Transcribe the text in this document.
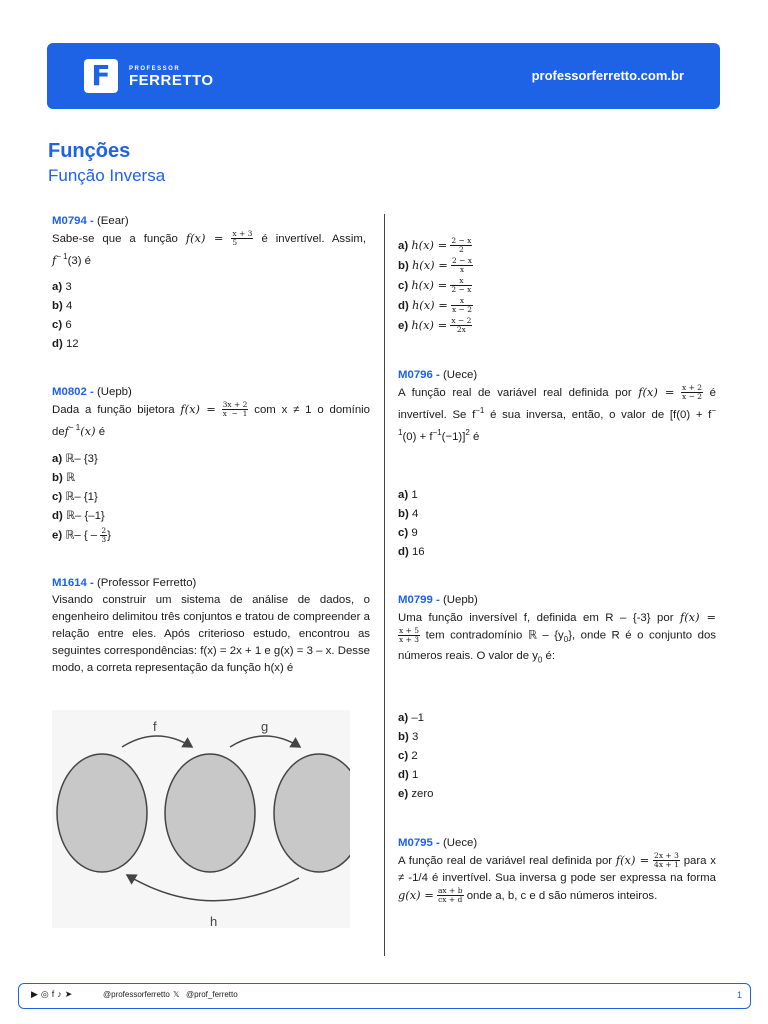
F	PROFESSOR
FERRETTO	professorferretto.com.br
Funções
Função Inversa
M0794 - (Eear)
Sabe-se que a função $f(x) = \frac{x + 3}{5}$ é invertível. Assim,
$f^{- 1}(3)$ é
a) 3
b) 4
c) 6
d) 12
M0802 - (Uepb)
Dada a função bijetora $f(x) = \frac{3x + 2}{x - 1}$ com x ≠ 1 o domínio
def$^{- 1}$(x) é
a) ℝ– {3}
b) ℝ
c) ℝ– {1}
d) ℝ– {–1}
e) ℝ– { – $\frac{2}{3}$ }
M1614 - (Professor Ferretto)
Visando construir um sistema de análise de dados, o engenheiro delimitou três conjuntos e tratou de compreender a relação entre eles. Após criterioso estudo, encontrou as seguintes correspondências: f(x) = 2x + 1 e g(x) = 3 – x. Desse modo, a correta representação da função h(x) é
f	g
h
a) $h(x) = \frac{2 - x}{2}$
b) $h(x) = \frac{2 - x}{x}$
c) $h(x) = \frac{x}{2 - x}$
d) $h(x) = \frac{x}{x - 2}$
e) $h(x) = \frac{x - 2}{2x}$
M0796 - (Uece)
A função real de variável real definida por $f(x) = \frac{x + 2}{x - 2}$ é
invertível. Se $f^{-1}$ é sua inversa, então, o valor de [f(0) + f−
$^1(0) + f^{-1}(-1)]^2$ é
a) 1
b) 4
c) 9
d) 16
M0799 - (Uepb)
Uma função inversível f, definida em R – {-3} por f(x) =
$\frac{x + 5}{x + 3}$ tem contradomínio ℝ – $\{y_0\}$, onde R é o conjunto dos números reais. O valor de $y_0$ é:
a) –1
b) 3
c) 2
d) 1
e) zero
M0795 - (Uece)
A função real de variável real definida por $f(x) = \frac{2x + 3}{4x + 1}$ para x ≠ -1/4 é invertível. Sua inversa g pode ser expressa na forma $g(x) = \frac{ax + b}{cx + d}$ onde a, b, c e d são números inteiros.
▶◎f♪➤	@professorferretto 𝕏 @prof_ferretto	1
